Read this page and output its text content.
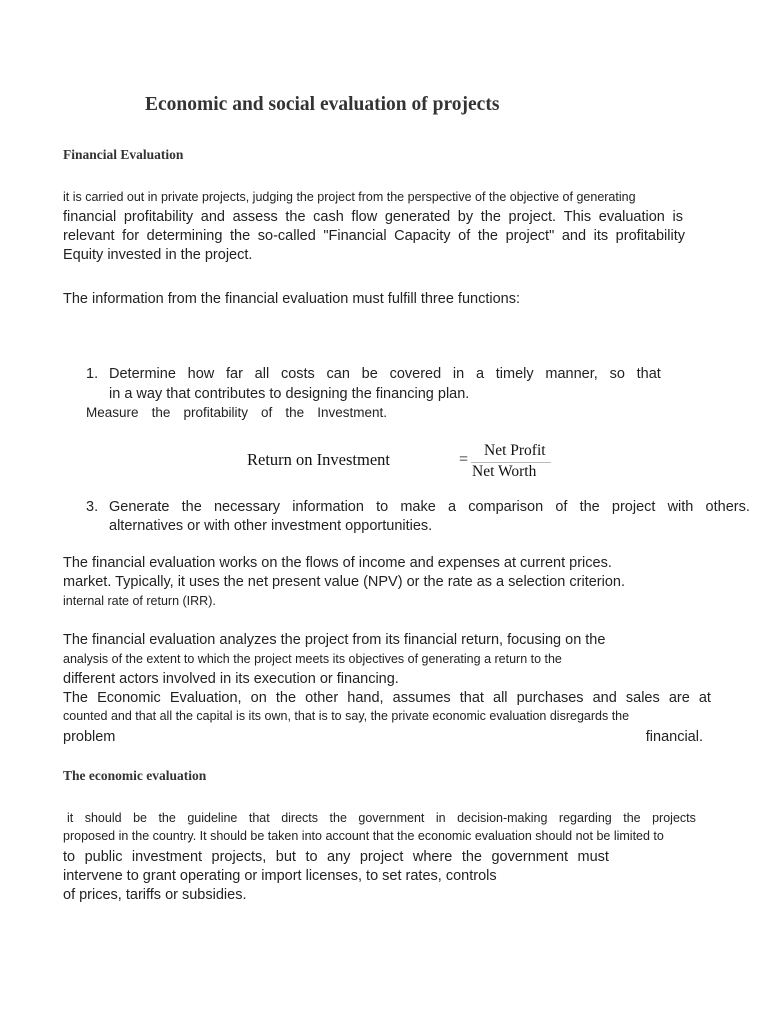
Economic and social evaluation of projects
Financial Evaluation

it is carried out in private projects, judging the project from the perspective of the objective of generating

financial profitability and assess the cash flow generated by the project. This evaluation is
relevant for determining the so-called "Financial Capacity of the project" and its profitability

Equity invested in the project.

The information from the financial evaluation must fulfill three functions:

1. Determine how far all costs can be covered in a timely manner, so that

in a way that contributes to designing the financing plan.

Measure the profitability of the Investment.
Return on Investment	=
Net Profit
Net Worth
3. Generate the necessary information to make a comparison of the project with others.

alternatives or with other investment opportunities.

The financial evaluation works on the flows of income and expenses at current prices.

market. Typically, it uses the net present value (NPV) or the rate as a selection criterion.

internal rate of return (IRR).

The financial evaluation analyzes the project from its financial return, focusing on the

analysis of the extent to which the project meets its objectives of generating a return to the

different actors involved in its execution or financing.

The Economic Evaluation, on the other hand, assumes that all purchases and sales are at

counted and that all the capital is its own, that is to say, the private economic evaluation disregards the

problem	financial.
The economic evaluation
it should be the guideline that directs the government in decision-making regarding the projects

proposed in the country. It should be taken into account that the economic evaluation should not be limited to

to public investment projects, but to any project where the government must

intervene to grant operating or import licenses, to set rates, controls

of prices, tariffs or subsidies.
